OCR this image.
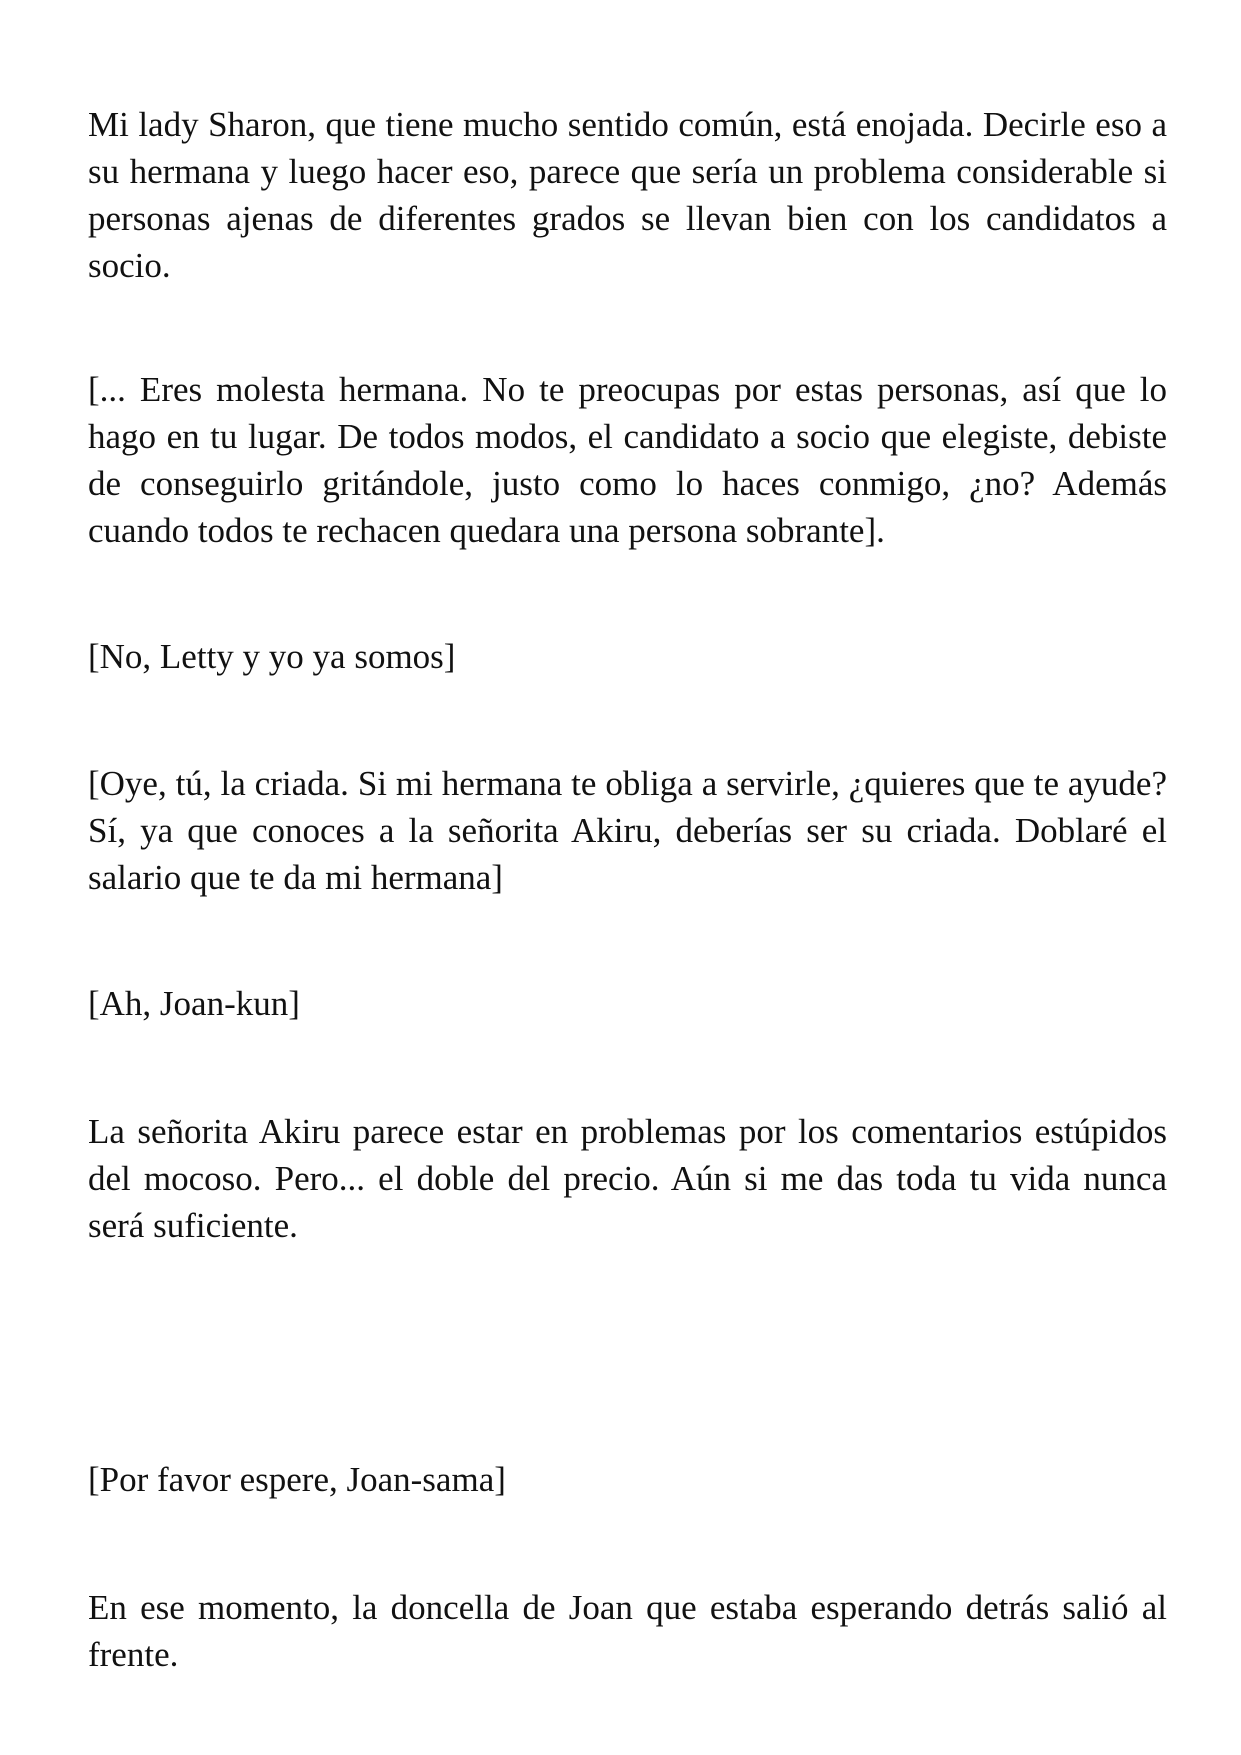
Mi lady Sharon, que tiene mucho sentido común, está enojada. Decirle eso a su hermana y luego hacer eso, parece que sería un problema considerable si personas ajenas de diferentes grados se llevan bien con los candidatos a socio.

[... Eres molesta hermana. No te preocupas por estas personas, así que lo hago en tu lugar. De todos modos, el candidato a socio que elegiste, debiste de conseguirlo gritándole, justo como lo haces conmigo, ¿no? Además cuando todos te rechacen quedara una persona sobrante].

[No, Letty y yo ya somos]

[Oye, tú, la criada. Si mi hermana te obliga a servirle, ¿quieres que te ayude? Sí, ya que conoces a la señorita Akiru, deberías ser su criada. Doblaré el salario que te da mi hermana]

[Ah, Joan-kun]

La señorita Akiru parece estar en problemas por los comentarios estúpidos del mocoso. Pero... el doble del precio. Aún si me das toda tu vida nunca será suficiente.

[Por favor espere, Joan-sama]

En ese momento, la doncella de Joan que estaba esperando detrás salió al frente.
